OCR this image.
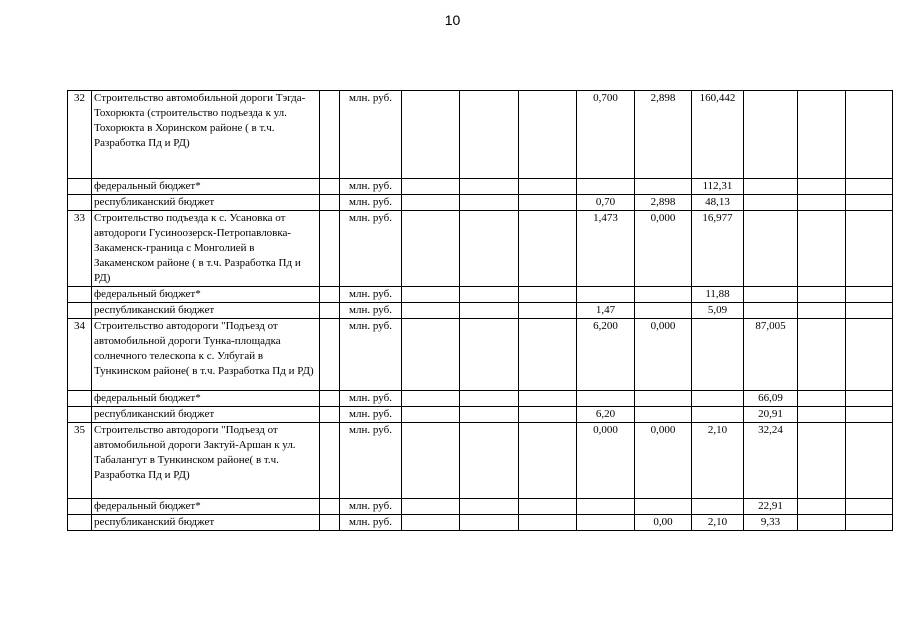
10
32	Строительство автомобильной дороги Тэгда-Тохорюкта (строительство подъезда к ул. Тохорюкта в Хоринском районе ( в т.ч. Разработка Пд и РД)		млн. руб.				0,700	2,898	160,442			
	федеральный бюджет*		млн. руб.						112,31			
	республиканский бюджет		млн. руб.				0,70	2,898	48,13			
33	Строительство подъезда к с. Усановка от автодороги Гусиноозерск-Петропавловка-Закаменск-граница с Монголией в Закаменском районе ( в т.ч. Разработка Пд и РД)		млн. руб.				1,473	0,000	16,977			
	федеральный бюджет*		млн. руб.						11,88			
	республиканский бюджет		млн. руб.				1,47		5,09			
34	Строительство автодороги "Подъезд от автомобильной дороги Тунка-площадка солнечного телескопа к с. Улбугай в Тункинском районе( в т.ч. Разработка Пд и РД)		млн. руб.				6,200	0,000		87,005		
	федеральный бюджет*		млн. руб.							66,09		
	республиканский бюджет		млн. руб.				6,20			20,91		
35	Строительство автодороги "Подъезд от автомобильной дороги Зактуй-Аршан к ул. Табалангут в Тункинском районе( в т.ч. Разработка Пд и РД)		млн. руб.				0,000	0,000	2,10	32,24		
	федеральный бюджет*		млн. руб.							22,91		
	республиканский бюджет		млн. руб.					0,00	2,10	9,33		
